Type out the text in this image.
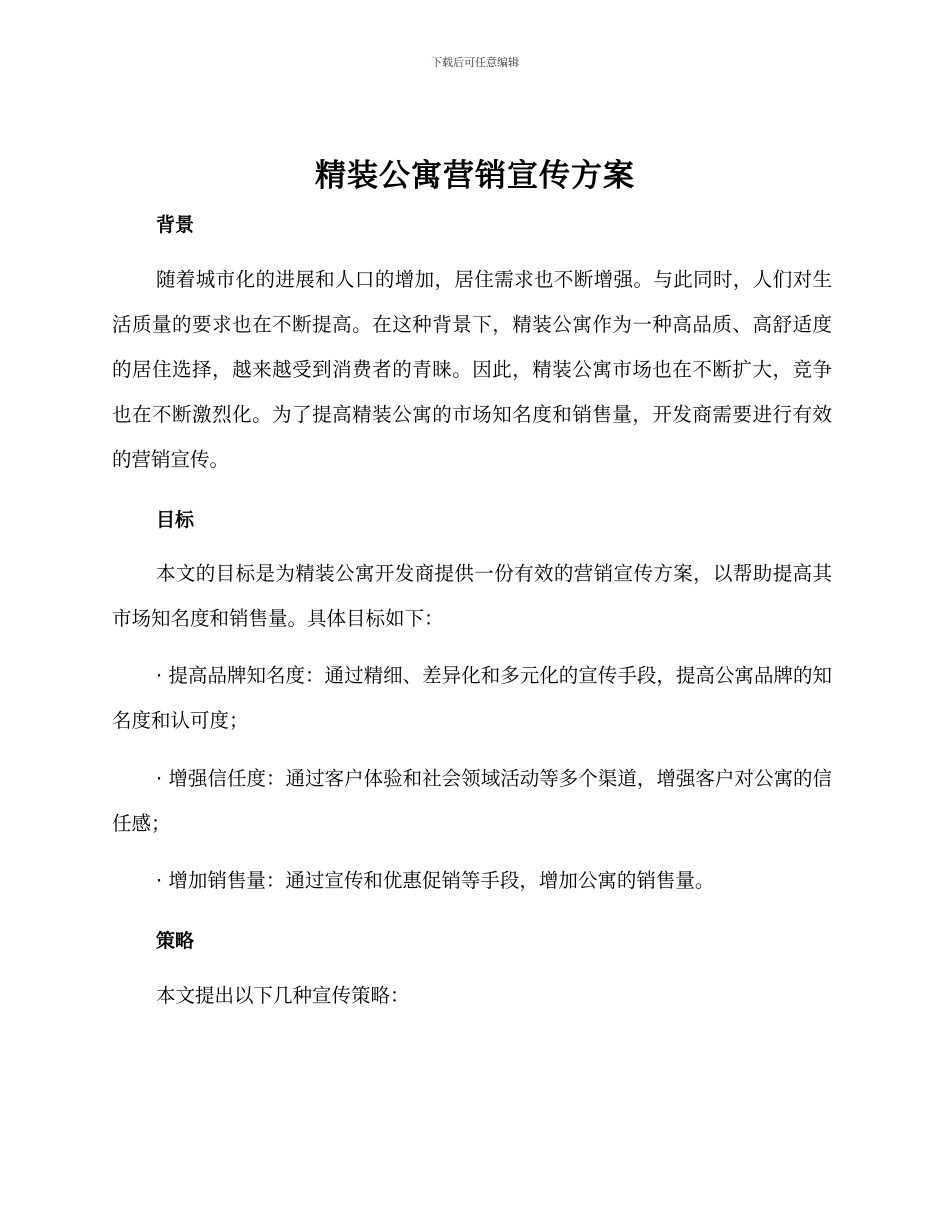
下载后可任意编辑
精装公寓营销宣传方案
背景
随着城市化的进展和人口的增加，居住需求也不断增强。与此同时，人们对生活质量的要求也在不断提高。在这种背景下，精装公寓作为一种高品质、高舒适度的居住选择，越来越受到消费者的青睐。因此，精装公寓市场也在不断扩大，竞争也在不断激烈化。为了提高精装公寓的市场知名度和销售量，开发商需要进行有效的营销宣传。
目标
本文的目标是为精装公寓开发商提供一份有效的营销宣传方案，以帮助提高其市场知名度和销售量。具体目标如下：
· 提高品牌知名度：通过精细、差异化和多元化的宣传手段，提高公寓品牌的知名度和认可度；
· 增强信任度：通过客户体验和社会领域活动等多个渠道，增强客户对公寓的信任感；
· 增加销售量：通过宣传和优惠促销等手段，增加公寓的销售量。
策略
本文提出以下几种宣传策略：
